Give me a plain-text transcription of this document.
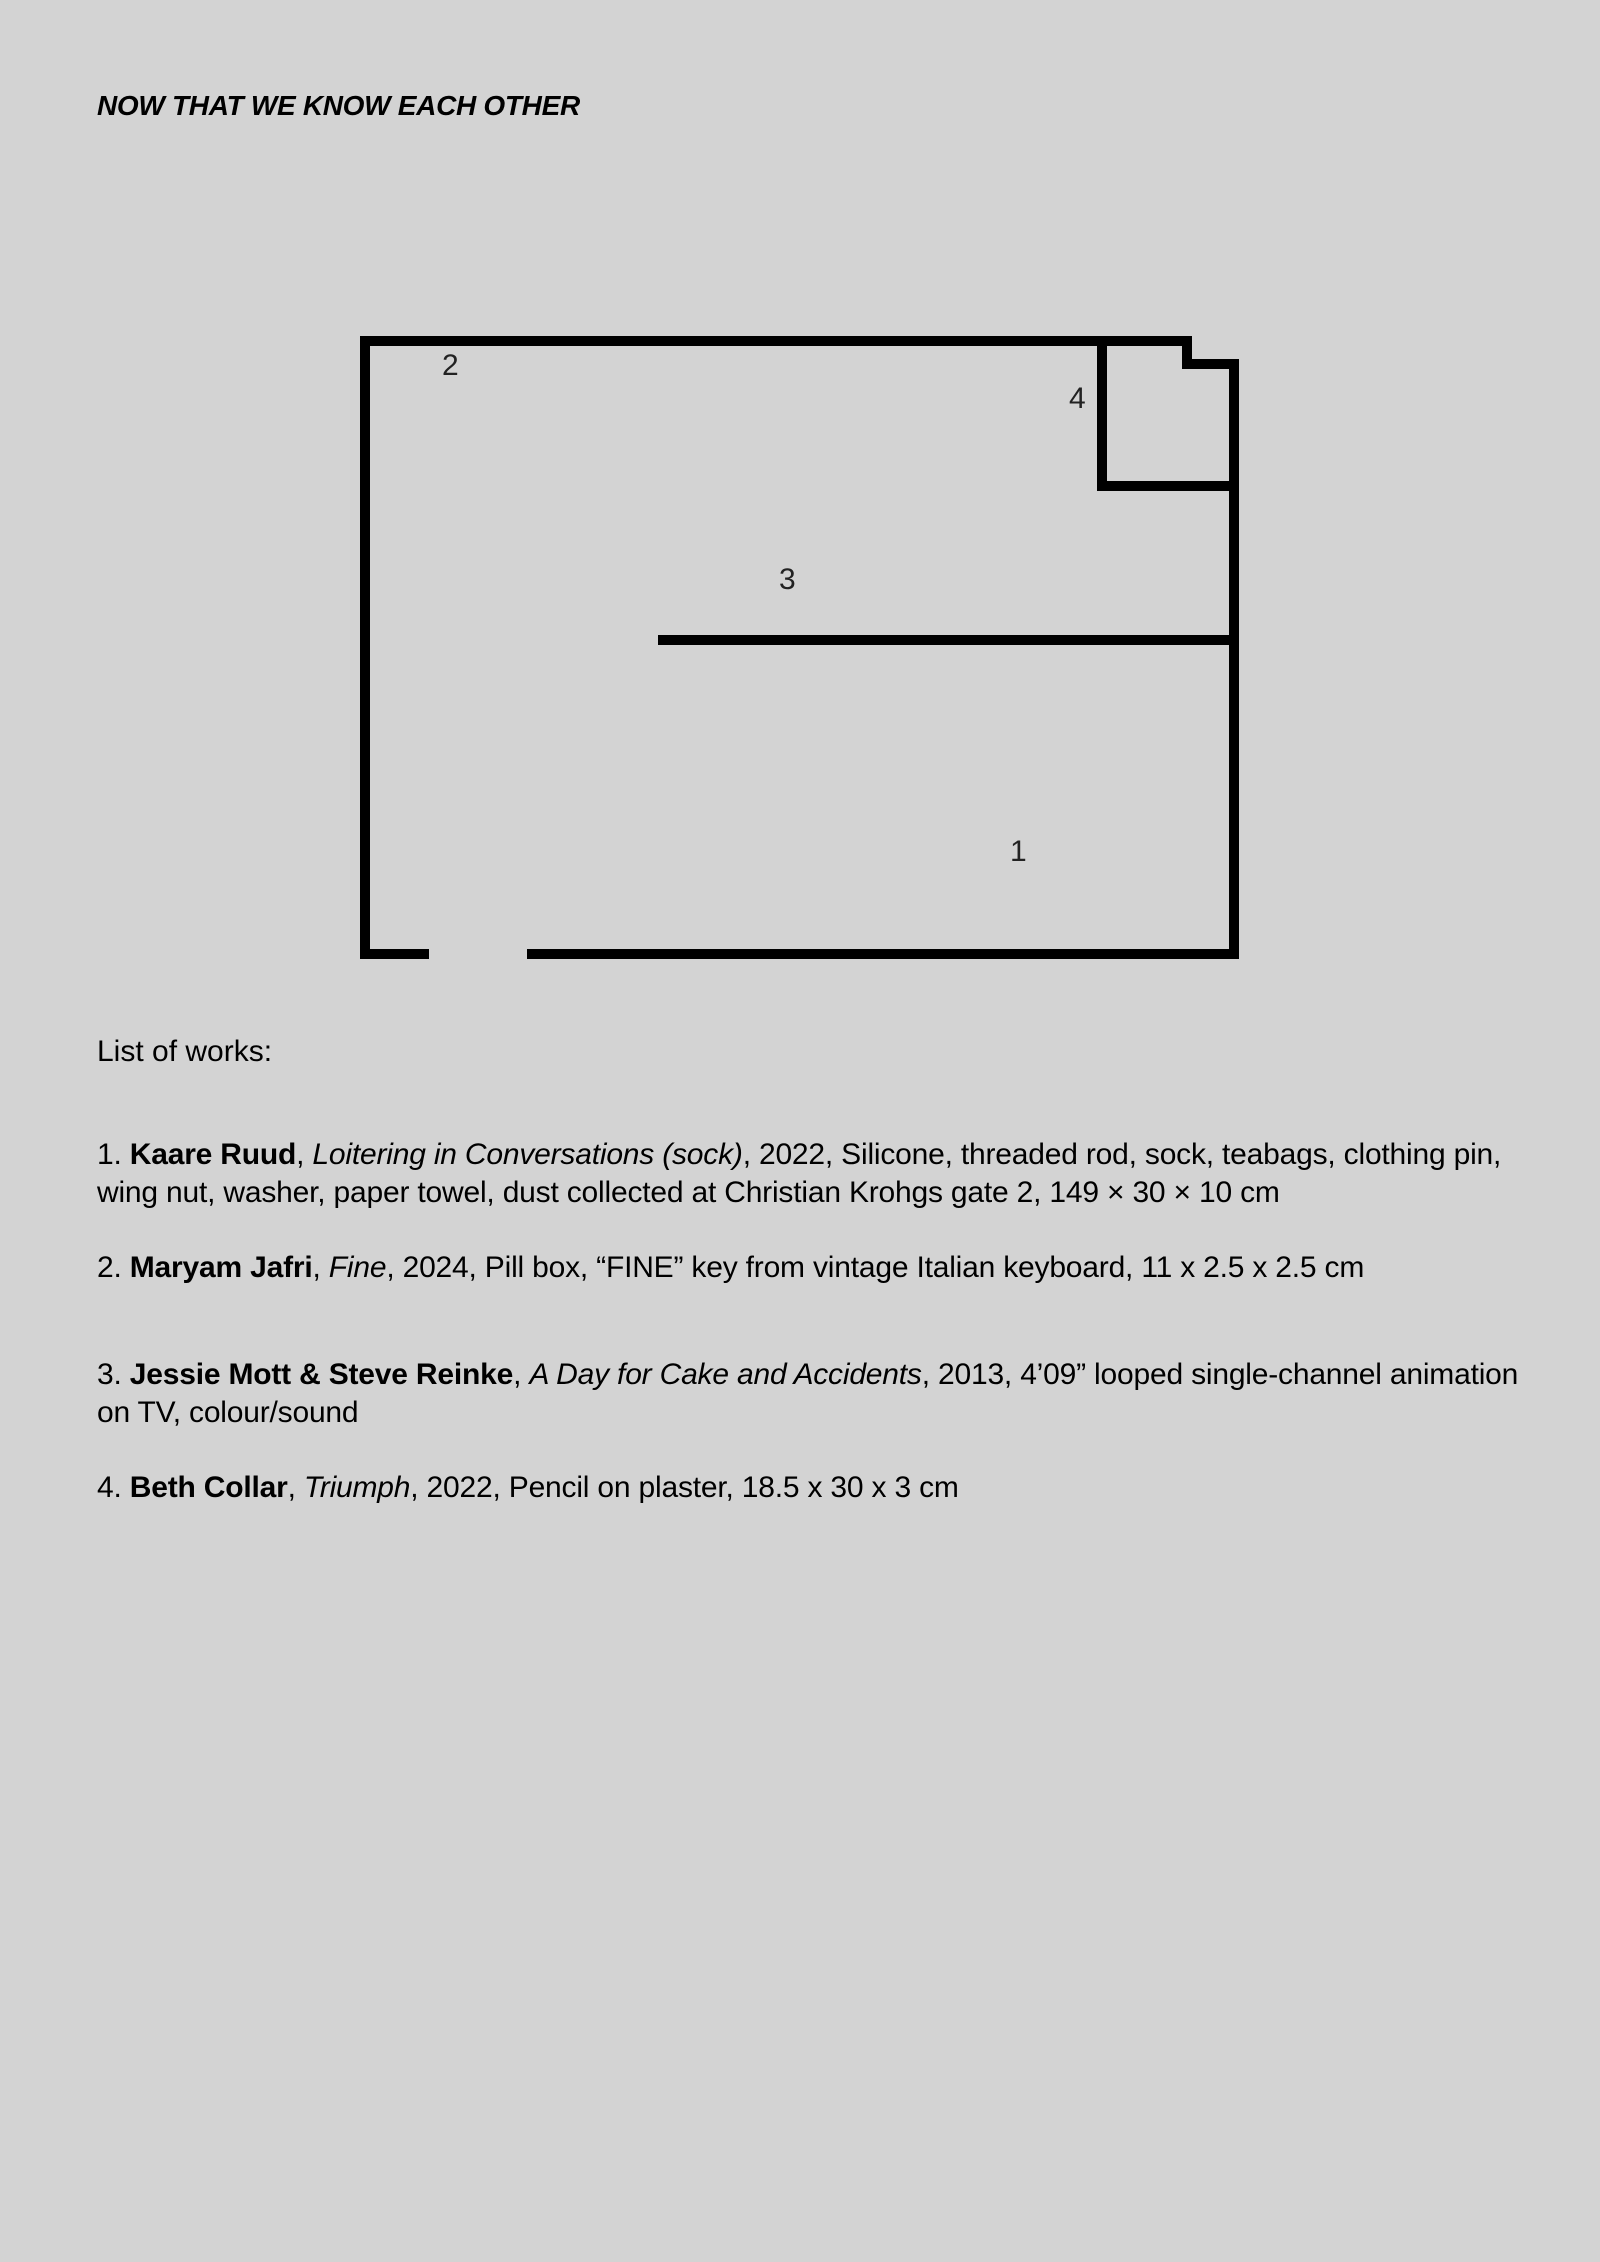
NOW THAT WE KNOW EACH OTHER
2
4
3
1
List of works:
1. Kaare Ruud, Loitering in Conversations (sock), 2022, Silicone, threaded rod, sock, teabags, clothing pin, wing nut, washer, paper towel, dust collected at Christian Krohgs gate 2, 149 × 30 × 10 cm
2. Maryam Jafri, Fine, 2024, Pill box, “FINE” key from vintage Italian keyboard, 11 x 2.5 x 2.5 cm
3. Jessie Mott & Steve Reinke, A Day for Cake and Accidents, 2013, 4’09” looped single-channel animation on TV, colour/sound
4. Beth Collar, Triumph, 2022, Pencil on plaster, 18.5 x 30 x 3 cm
